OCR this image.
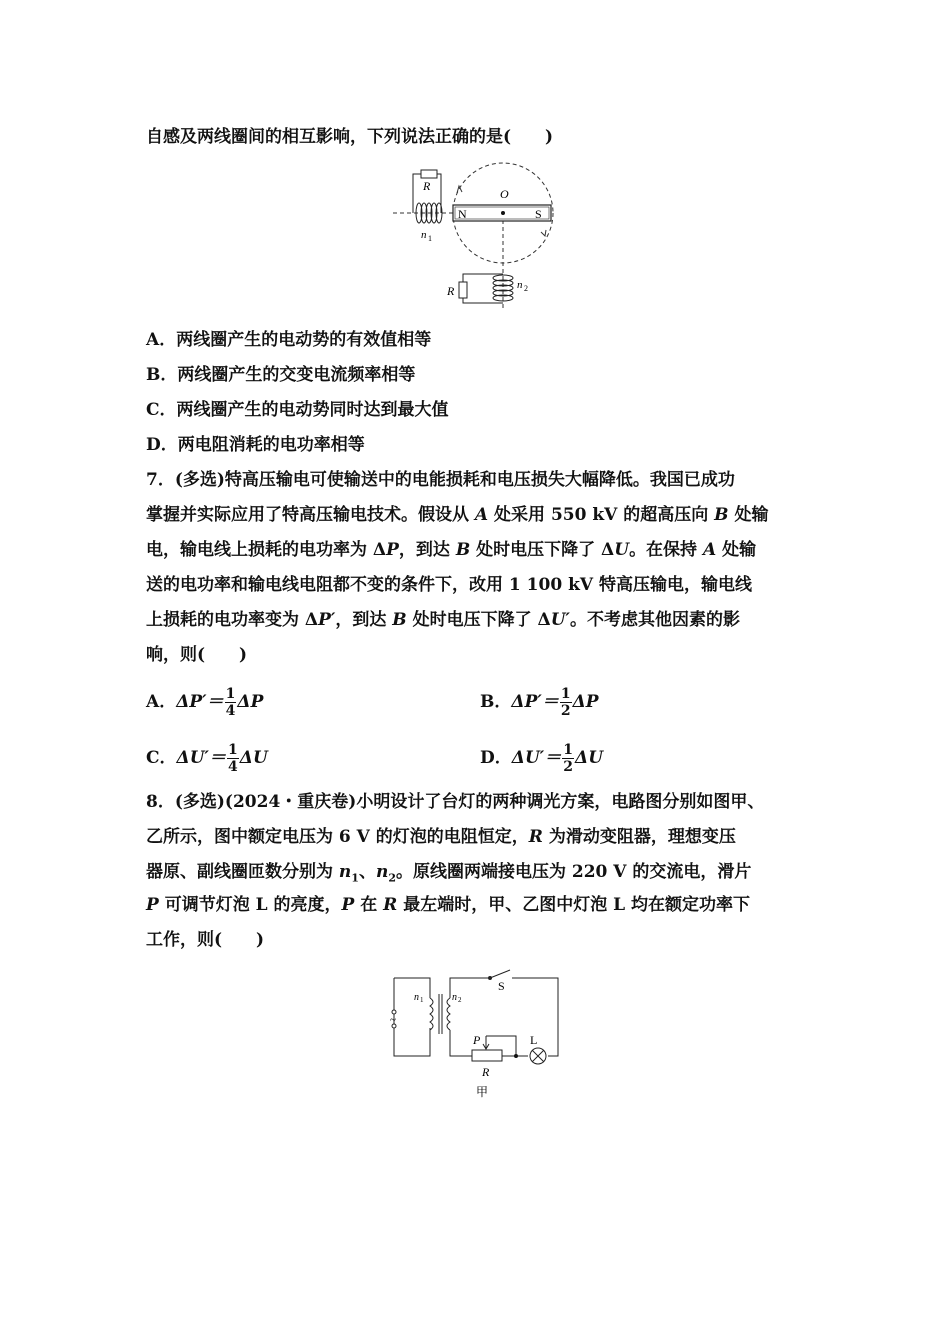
自感及两线圈间的相互影响，下列说法正确的是(　　)
N	S
O
R
n 1
R	n 2
A．两线圈产生的电动势的有效值相等
B．两线圈产生的交变电流频率相等
C．两线圈产生的电动势同时达到最大值
D．两电阻消耗的电功率相等
7．(多选)特高压输电可使输送中的电能损耗和电压损失大幅降低。我国已成功
掌握并实际应用了特高压输电技术。假设从 A 处采用 550 kV 的超高压向 B 处输
电，输电线上损耗的电功率为 ΔP，到达 B 处时电压下降了 ΔU。在保持 A 处输
送的电功率和输电线电阻都不变的条件下，改用 1 100 kV 特高压输电，输电线
上损耗的电功率变为 ΔP′，到达 B 处时电压下降了 ΔU′。不考虑其他因素的影
响，则(　　)
A．$\Delta P'= \frac{1}{4}$ ΔP	B．$\Delta P'= \frac{1}{2}$ ΔP
C．$\Delta U'= \frac{1}{4}$ ΔU	D．$\Delta U'= \frac{1}{2}$ ΔU
8．(多选)(2024・重庆卷)小明设计了台灯的两种调光方案，电路图分别如图甲、
乙所示，图中额定电压为 6 V 的灯泡的电阻恒定，R 为滑动变阻器，理想变压
器原、副线圈匝数分别为 $n_1$、$n_2$。原线圈两端接电压为 220 V 的交流电，滑片
P 可调节灯泡 L 的亮度，P 在 R 最左端时，甲、乙图中灯泡 L 均在额定功率下
工作，则(　　)
~
n 1	n 2
S
P	L
R
甲
